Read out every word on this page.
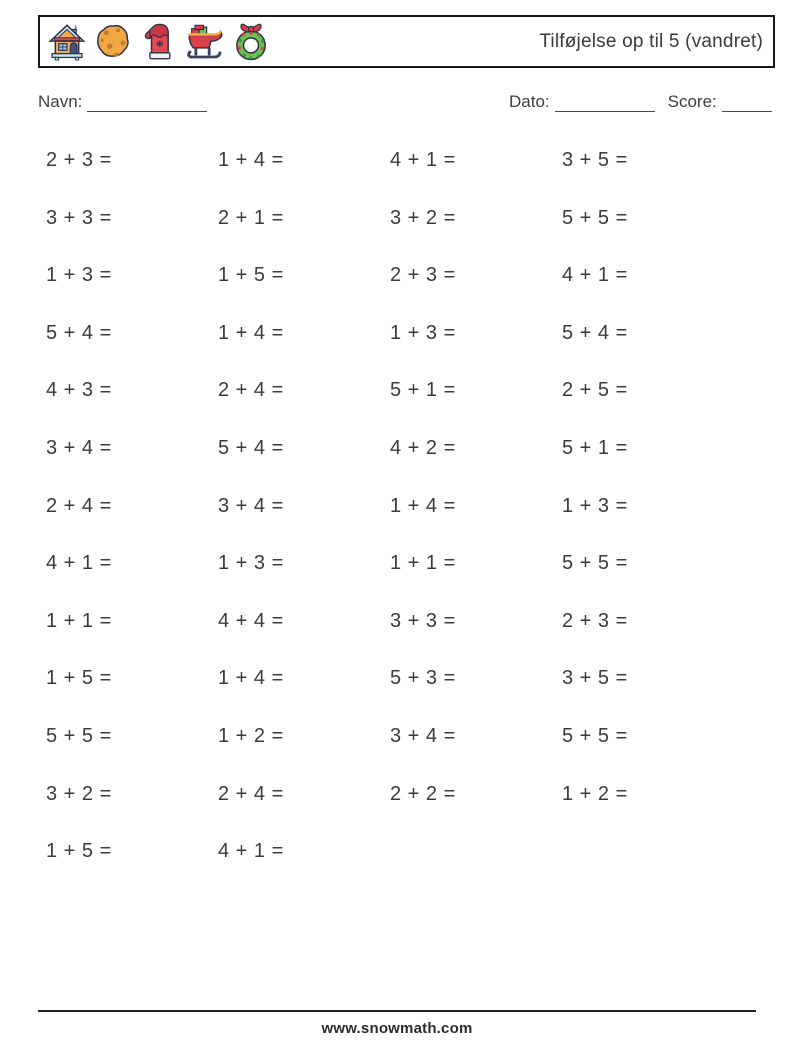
Tilføjelse op til 5 (vandret)
Navn:	Dato:	Score:
2 + 3 =	1 + 4 =	4 + 1 =	3 + 5 =
3 + 3 =	2 + 1 =	3 + 2 =	5 + 5 =
1 + 3 =	1 + 5 =	2 + 3 =	4 + 1 =
5 + 4 =	1 + 4 =	1 + 3 =	5 + 4 =
4 + 3 =	2 + 4 =	5 + 1 =	2 + 5 =
3 + 4 =	5 + 4 =	4 + 2 =	5 + 1 =
2 + 4 =	3 + 4 =	1 + 4 =	1 + 3 =
4 + 1 =	1 + 3 =	1 + 1 =	5 + 5 =
1 + 1 =	4 + 4 =	3 + 3 =	2 + 3 =
1 + 5 =	1 + 4 =	5 + 3 =	3 + 5 =
5 + 5 =	1 + 2 =	3 + 4 =	5 + 5 =
3 + 2 =	2 + 4 =	2 + 2 =	1 + 2 =
1 + 5 =	4 + 1 =
www.snowmath.com
